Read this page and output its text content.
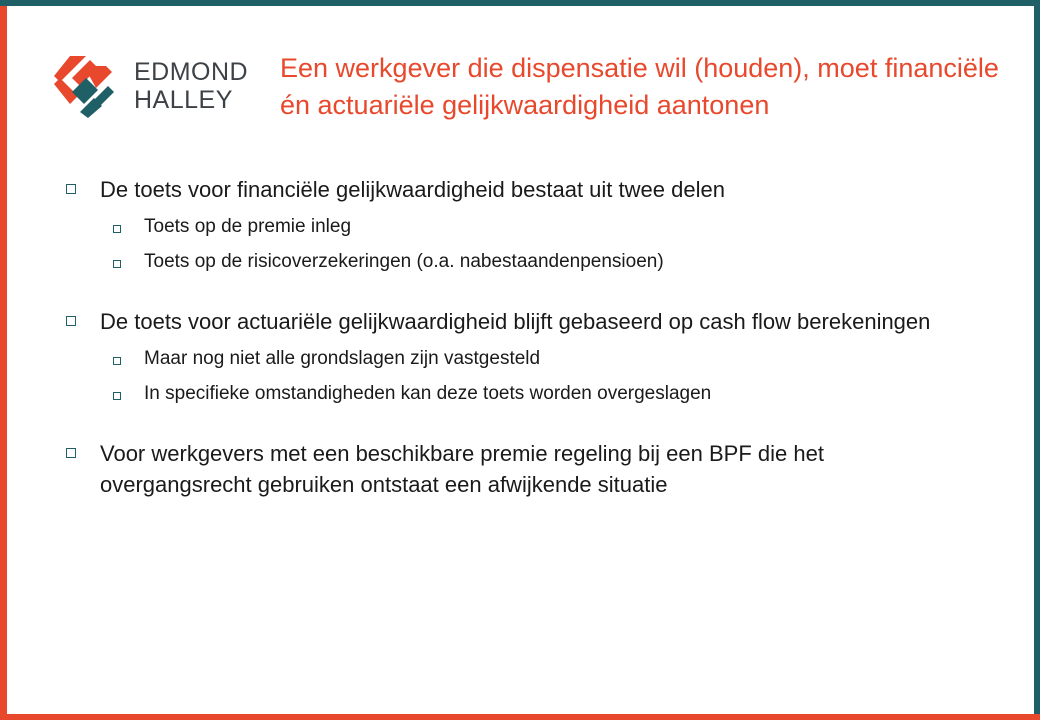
EDMOND
HALLEY
Een werkgever die dispensatie wil (houden), moet financiële én actuariële gelijkwaardigheid aantonen
De toets voor financiële gelijkwaardigheid bestaat uit twee delen
Toets op de premie inleg
Toets op de risicoverzekeringen (o.a. nabestaandenpensioen)
De toets voor actuariële gelijkwaardigheid blijft gebaseerd op cash flow berekeningen
Maar nog niet alle grondslagen zijn vastgesteld
In specifieke omstandigheden kan deze toets worden overgeslagen
Voor werkgevers met een beschikbare premie regeling bij een BPF die het overgangsrecht gebruiken ontstaat een afwijkende situatie
